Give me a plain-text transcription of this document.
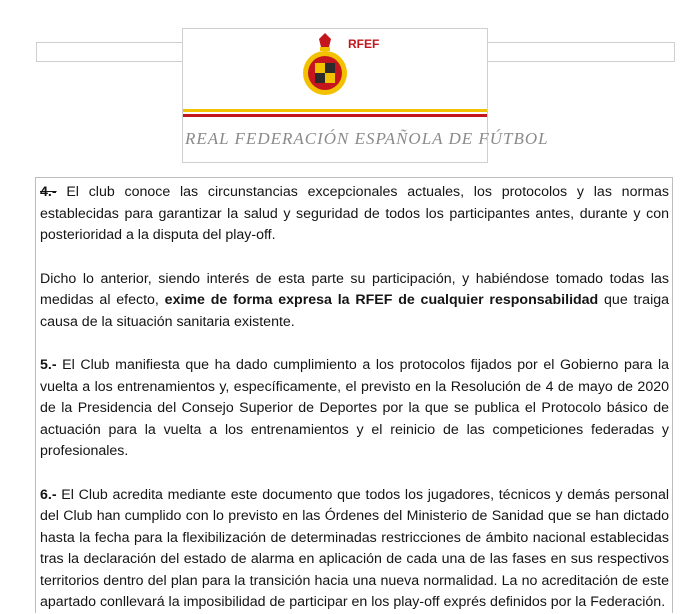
RFEF
REAL FEDERACIÓN ESPAÑOLA DE FÚTBOL

4.- El club conoce las circunstancias excepcionales actuales, los protocolos y las normas establecidas para garantizar la salud y seguridad de todos los participantes antes, durante y con posterioridad a la disputa del play-off.

Dicho lo anterior, siendo interés de esta parte su participación, y habiéndose tomado todas las medidas al efecto, exime de forma expresa la RFEF de cualquier responsabilidad que traiga causa de la situación sanitaria existente.

5.- El Club manifiesta que ha dado cumplimiento a los protocolos fijados por el Gobierno para la vuelta a los entrenamientos y, específicamente, el previsto en la Resolución de 4 de mayo de 2020 de la Presidencia del Consejo Superior de Deportes por la que se publica el Protocolo básico de actuación para la vuelta a los entrenamientos y el reinicio de las competiciones federadas y profesionales.

6.- El Club acredita mediante este documento que todos los jugadores, técnicos y demás personal del Club han cumplido con lo previsto en las Órdenes del Ministerio de Sanidad que se han dictado hasta la fecha para la flexibilización de determinadas restricciones de ámbito nacional establecidas tras la declaración del estado de alarma en aplicación de cada una de las fases en sus respectivos territorios dentro del plan para la transición hacia una nueva normalidad. La no acreditación de este apartado conllevará la imposibilidad de participar en los play-off exprés definidos por la Federación.
